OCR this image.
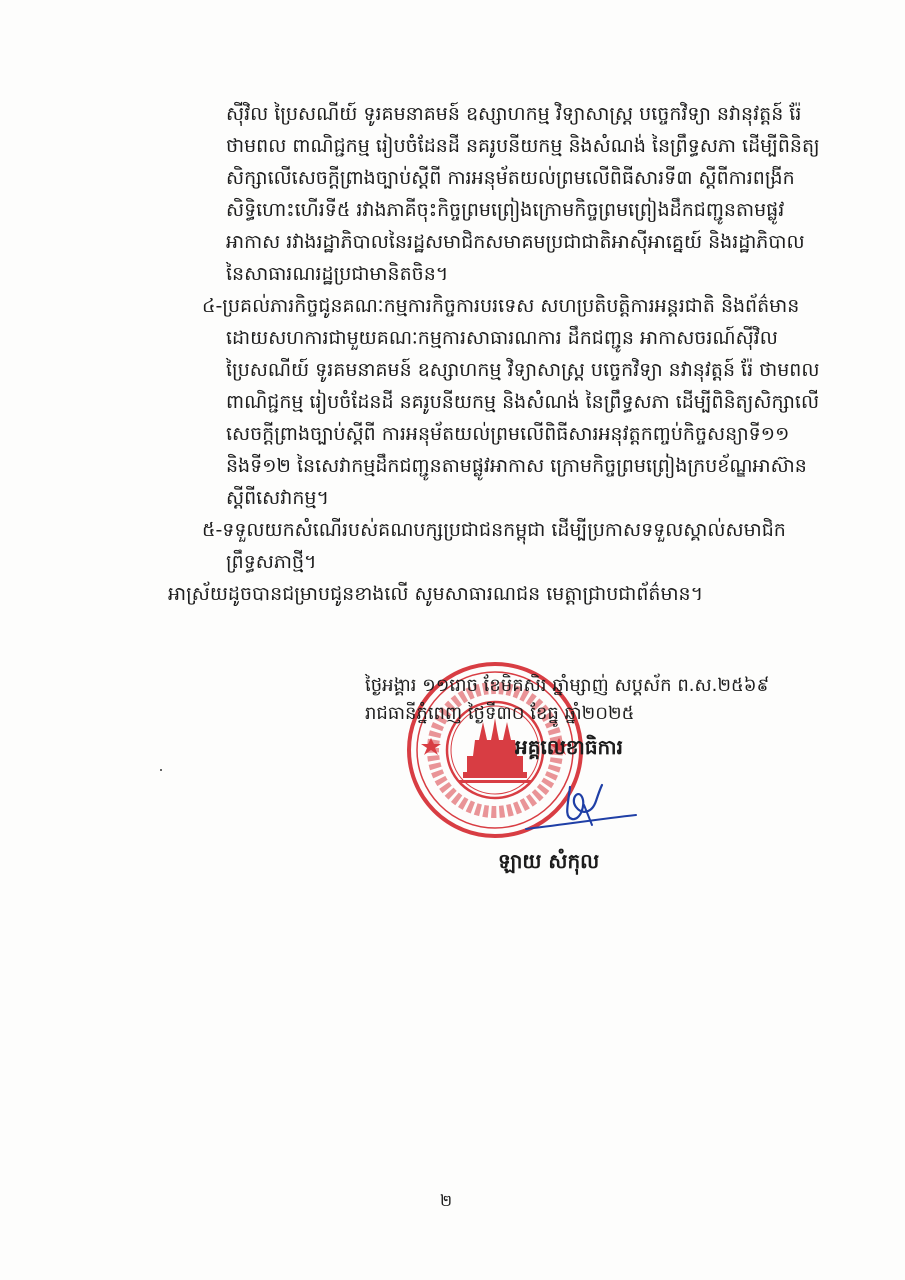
ស៊ីវិល ប្រៃសណីយ៍ ទូរគមនាគមន៍ ឧស្សាហកម្ម វិទ្យាសាស្ត្រ បច្ចេកវិទ្យា នវានុវត្តន៍ រ៉ែ ថាមពល ពាណិជ្ជកម្ម រៀបចំដែនដី នគរូបនីយកម្ម និងសំណង់ នៃព្រឹទ្ធសភា ដើម្បីពិនិត្យសិក្សាលើសេចក្ដីព្រាងច្បាប់ស្ដីពី ការអនុម័តយល់ព្រមលើពិធីសារទី៣ ស្ដីពីការពង្រីកសិទ្ធិហោះហើរទី៥ រវាងភាគីចុះកិច្ចព្រមព្រៀងក្រោមកិច្ចព្រមព្រៀងដឹកជញ្ជូនតាមផ្លូវអាកាស រវាងរដ្ឋាភិបាលនៃរដ្ឋសមាជិកសមាគមប្រជាជាតិអាស៊ីអាគ្នេយ៍ និងរដ្ឋាភិបាលនៃសាធារណរដ្ឋប្រជាមានិតចិន។

៤-ប្រគល់ភារកិច្ចជូនគណៈកម្មការកិច្ចការបរទេស សហប្រតិបត្តិការអន្តរជាតិ និងព័ត៌មាន ដោយសហការជាមួយគណៈកម្មការសាធារណការ ដឹកជញ្ជូន អាកាសចរណ៍ស៊ីវិល ប្រៃសណីយ៍ ទូរគមនាគមន៍ ឧស្សាហកម្ម វិទ្យាសាស្ត្រ បច្ចេកវិទ្យា នវានុវត្តន៍ រ៉ែ ថាមពល ពាណិជ្ជកម្ម រៀបចំដែនដី នគរូបនីយកម្ម និងសំណង់ នៃព្រឹទ្ធសភា ដើម្បីពិនិត្យសិក្សាលើសេចក្ដីព្រាងច្បាប់ស្ដីពី ការអនុម័តយល់ព្រមលើពិធីសារអនុវត្តកញ្ចប់កិច្ចសន្យាទី១១ និងទី១២ នៃសេវាកម្មដឹកជញ្ជូនតាមផ្លូវអាកាស ក្រោមកិច្ចព្រមព្រៀងក្របខ័ណ្ឌអាស៊ាន ស្ដីពីសេវាកម្ម។

៥-ទទួលយកសំណើរបស់គណបក្សប្រជាជនកម្ពុជា ដើម្បីប្រកាសទទួលស្គាល់សមាជិកព្រឹទ្ធសភាថ្មី។

អាស្រ័យដូចបានជម្រាបជូនខាងលើ សូមសាធារណជន មេត្តាជ្រាបជាព័ត៌មាន។

ថ្ងៃអង្គារ ១១រោច ខែមិគសិរ ឆ្នាំម្សាញ់ សប្តស័ក ព.ស.២៥៦៩
រាជធានីភ្នំពេញ ថ្ងៃទី៣០ ខែធ្នូ ឆ្នាំ២០២៥
អគ្គលេខាធិការ
ឡាយ សំកុល
២
